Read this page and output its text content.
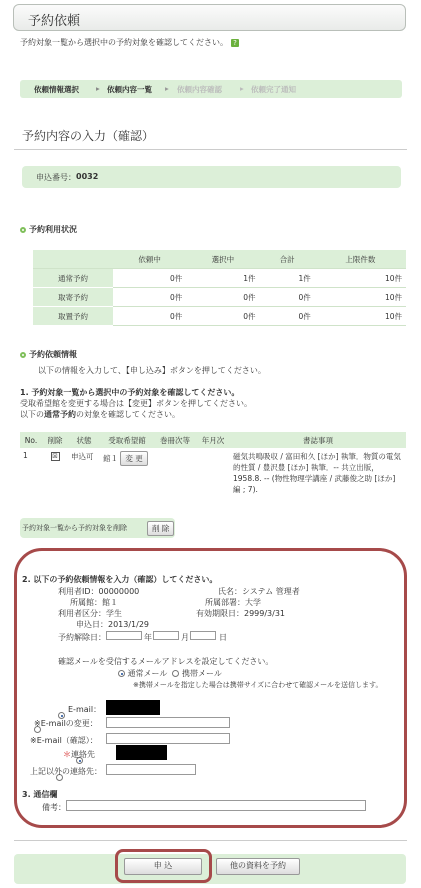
予約依頼
予約対象一覧から選択中の予約対象を確認してください。 ?
依頼情報選択 ▸ 依頼内容一覧 ▸ 依頼内容確認 ▸ 依頼完了通知
予約内容の入力（確認）
申込番号： 0032
予約利用状況
	依頼中	選択中	合計	上限件数
通常予約	0件	1件	1件	10件
取寄予約	0件	0件	0件	10件
取置予約	0件	0件	0件	10件
予約依頼情報
以下の情報を入力して、【申し込み】ボタンを押してください。
1. 予約対象一覧から選択中の予約対象を確認してください。
受取希望館を変更する場合は【変更】ボタンを押してください。
以下の通常予約の対象を確認してください。
No.	削除	状態	受取希望館	巻冊次等	年月次	書誌事項
1	☒	申込可	館１ 変 更			磁気共鳴吸収 / 富田和久 [ほか] 執筆．物質の電気的性質 / 豊沢豊 [ほか] 執筆．-- 共立出版，1958.8. -- (物性物理学講座 / 武藤俊之助 [ほか] 編 ; 7).
予約対象一覧から予約対象を削除	削 除
2. 以下の予約依頼情報を入力（確認）してください。
利用者ID：00000000	氏名：システム 管理者
所属館：館１	所属部署：大学
利用者区分：学生	有効期限日：2999/3/31
申込日：2013/1/29
予約解除日：	年	月	日
確認メールを受信するメールアドレスを設定してください。
通常メール 携帯メール
※携帯メールを指定した場合は携帯サイズに合わせて確認メールを送信します。

E-mail：

※E-mailの変更：
※E-mail（確認）：

＊連絡先
上記以外の連絡先：
3. 通信欄
備考：
申 込	他の資料を予約
